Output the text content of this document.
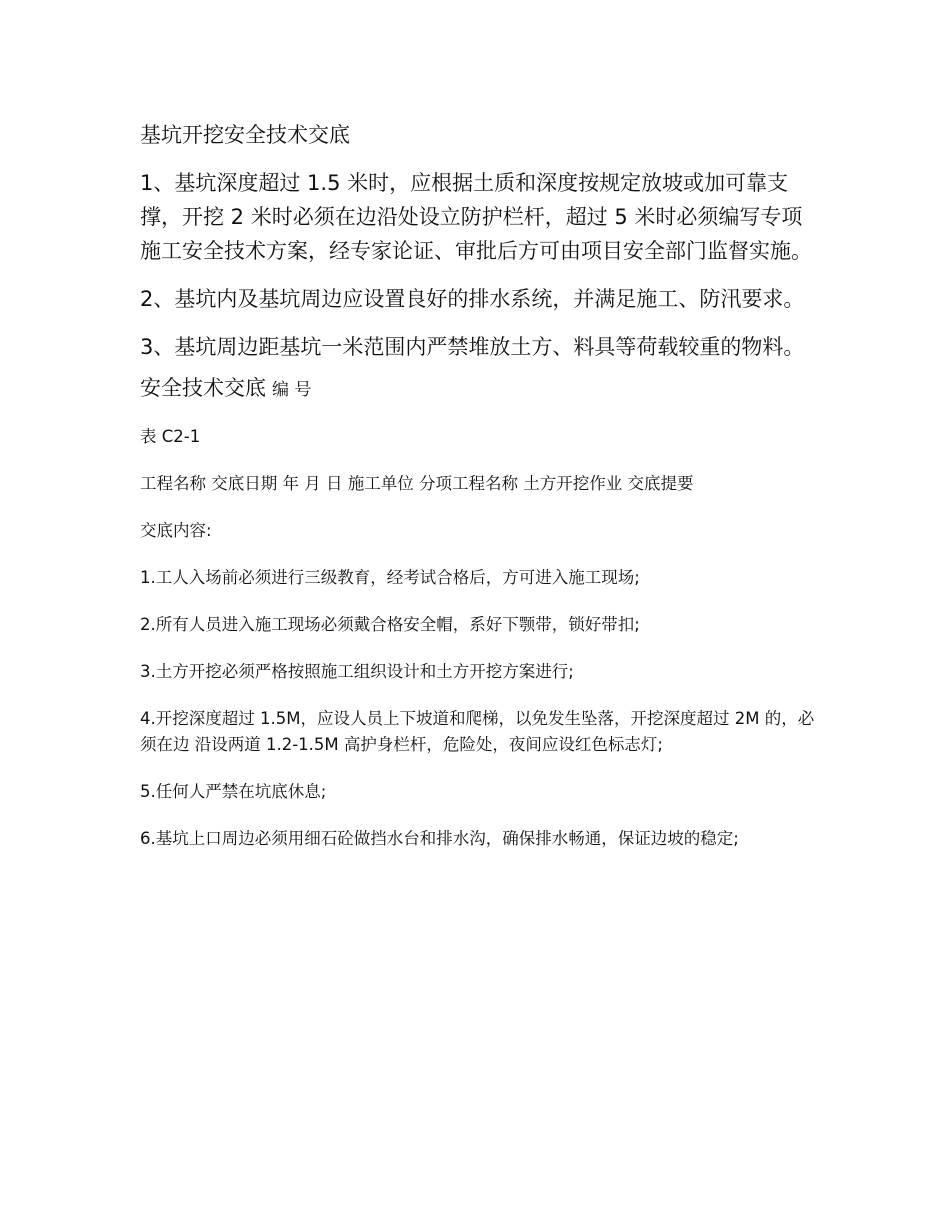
基坑开挖安全技术交底
1、基坑深度超过 1.5 米时，应根据土质和深度按规定放坡或加可靠支撑，开挖 2 米时必须在边沿处设立防护栏杆，超过 5 米时必须编写专项施工安全技术方案，经专家论证、审批后方可由项目安全部门监督实施。
2、基坑内及基坑周边应设置良好的排水系统，并满足施工、防汛要求。
3、基坑周边距基坑一米范围内严禁堆放土方、料具等荷载较重的物料。
安全技术交底 编 号
表 C2-1
工程名称 交底日期 年 月 日 施工单位 分项工程名称 土方开挖作业 交底提要
交底内容:
1.工人入场前必须进行三级教育，经考试合格后，方可进入施工现场;
2.所有人员进入施工现场必须戴合格安全帽，系好下颚带，锁好带扣;
3.土方开挖必须严格按照施工组织设计和土方开挖方案进行;
4.开挖深度超过 1.5M，应设人员上下坡道和爬梯，以免发生坠落，开挖深度超过 2M 的，必须在边 沿设两道 1.2-1.5M 高护身栏杆，危险处，夜间应设红色标志灯;
5.任何人严禁在坑底休息;
6.基坑上口周边必须用细石砼做挡水台和排水沟，确保排水畅通，保证边坡的稳定;
